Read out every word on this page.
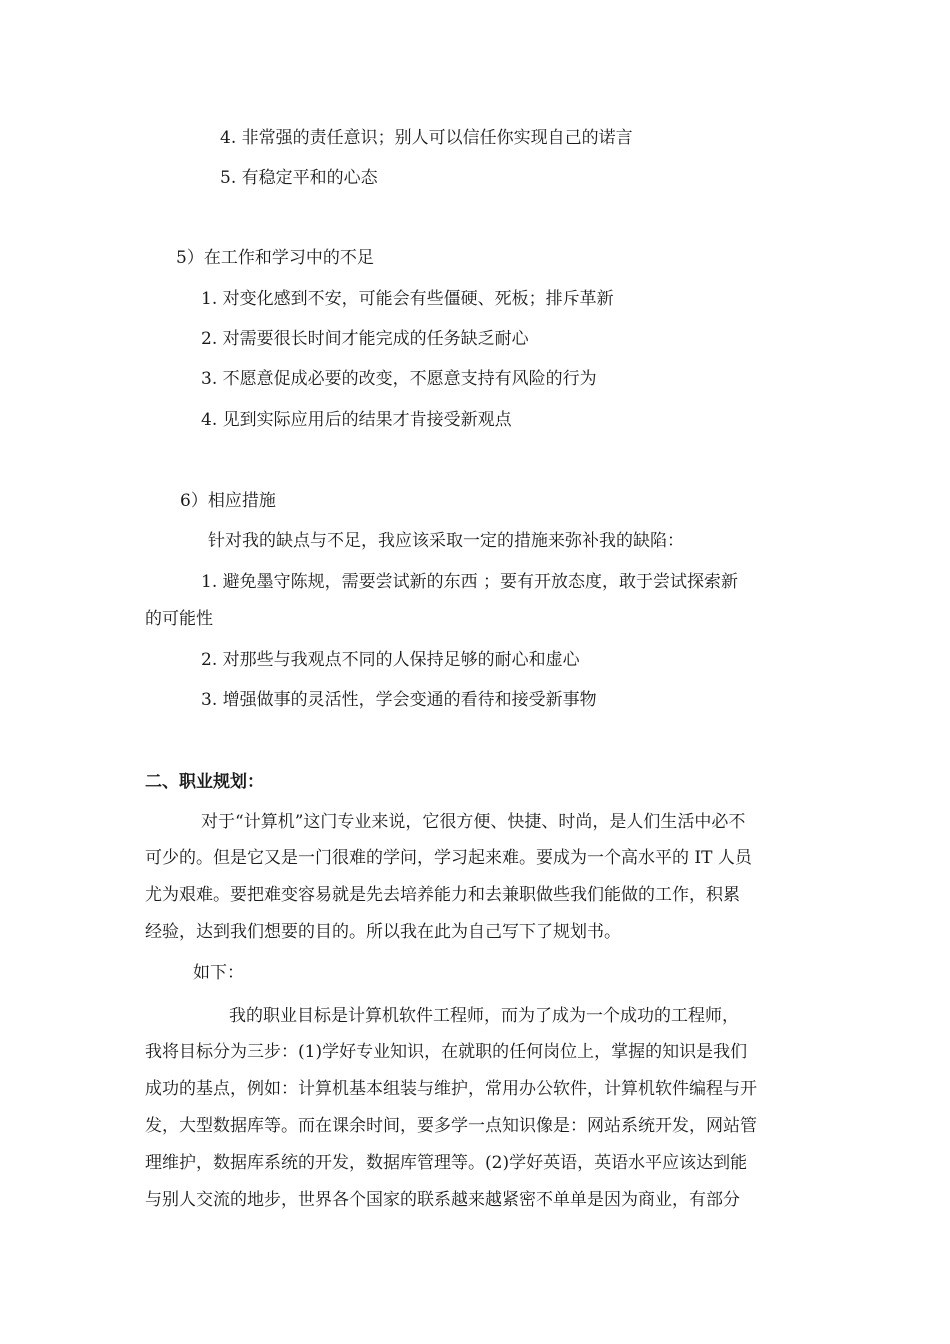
4. 非常强的责任意识；别人可以信任你实现自己的诺言
5. 有稳定平和的心态
5）在工作和学习中的不足
1. 对变化感到不安，可能会有些僵硬、死板；排斥革新
2. 对需要很长时间才能完成的任务缺乏耐心
3. 不愿意促成必要的改变，不愿意支持有风险的行为
4. 见到实际应用后的结果才肯接受新观点
6）相应措施
针对我的缺点与不足，我应该采取一定的措施来弥补我的缺陷：
1. 避免墨守陈规，需要尝试新的东西 ；要有开放态度，敢于尝试探索新
的可能性
2. 对那些与我观点不同的人保持足够的耐心和虚心
3. 增强做事的灵活性，学会变通的看待和接受新事物
二、职业规划：
对于“计算机”这门专业来说，它很方便、快捷、时尚，是人们生活中必不
可少的。但是它又是一门很难的学问，学习起来难。要成为一个高水平的 IT 人员
尤为艰难。要把难变容易就是先去培养能力和去兼职做些我们能做的工作，积累
经验，达到我们想要的目的。所以我在此为自己写下了规划书。
如下：
我的职业目标是计算机软件工程师，而为了成为一个成功的工程师，
我将目标分为三步：(1)学好专业知识，在就职的任何岗位上，掌握的知识是我们
成功的基点，例如：计算机基本组装与维护，常用办公软件，计算机软件编程与开
发，大型数据库等。而在课余时间，要多学一点知识像是：网站系统开发，网站管
理维护，数据库系统的开发，数据库管理等。(2)学好英语，英语水平应该达到能
与别人交流的地步，世界各个国家的联系越来越紧密不单单是因为商业，有部分
